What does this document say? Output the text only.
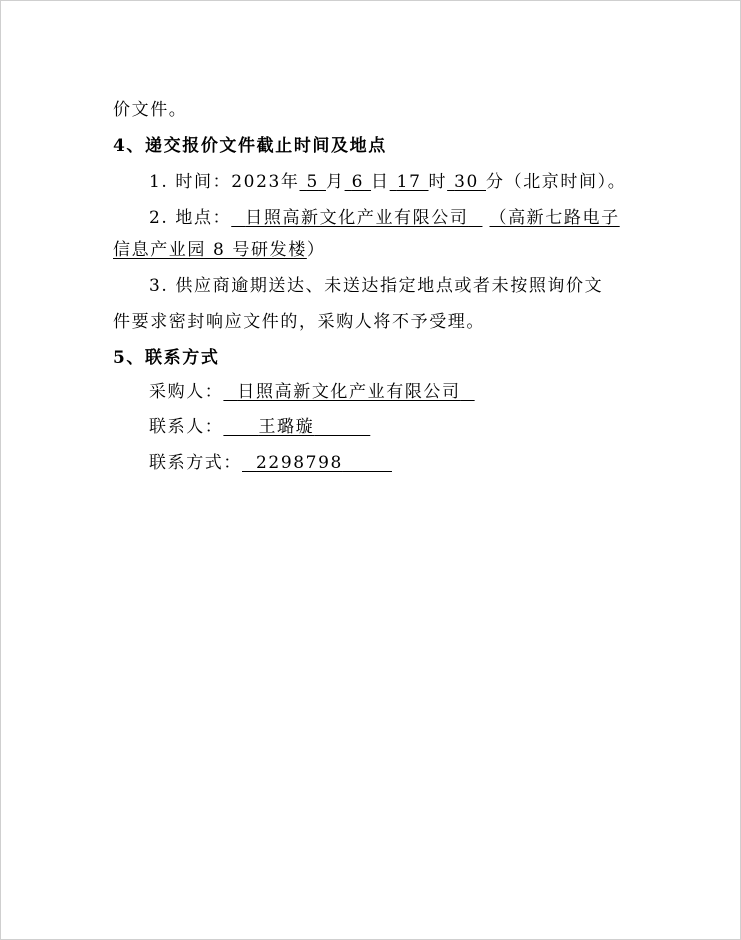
价文件。
4、递交报价文件截止时间及地点
1. 时间：2023年 5 月 6 日 17 时 30 分（北京时间）。
2. 地点： 日照高新文化产业有限公司 （高新七路电子
信息产业园 8 号研发楼）
3. 供应商逾期送达、未送达指定地点或者未按照询价文
件要求密封响应文件的，采购人将不予受理。
5、联系方式
采购人： 日照高新文化产业有限公司
联系人： 王璐璇
联系方式： 2298798
